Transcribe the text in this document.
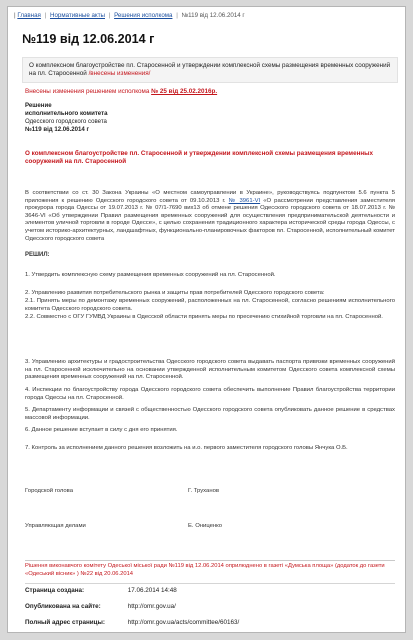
| Главная | Нормативные акты | Решения исполкома | №119 від 12.06.2014 г
№119 від 12.06.2014 г
О комплексном благоустройстве пл. Старосенной и утверждении комплексной схемы размещения временных сооружений на пл. Старосенной /внесены изменения/
Внесены изменения решением исполкома № 25 від 25.02.2016р.
Решение
исполнительного комитета
Одесского городского совета
№119 від 12.06.2014 г
О комплексном благоустройстве пл. Старосенной и утверждении комплексной схемы размещения временных сооружений на пл. Старосенной
В соответствии со ст. 30 Закона Украины «О местном самоуправлении в Украине», руководствуясь подпунктом 5.6 пункта 5 приложения к решению Одесского городского совета от 09.10.2013 г. № 3961-VI «О рассмотрении представления заместителя прокурора города Одессы от 19.07.2013 г. № 07/1-7690 вих13 об отмене решения Одесского городского совета от 18.07.2013 г. № 3646-VI «Об утверждении Правил размещения временных сооружений для осуществления предпринимательской деятельности и элементов уличной торговли в городе Одессе», с целью сохранения традиционного характера исторической среды города Одессы, с учетом историко-архитектурных, ландшафтных, функционально-планировочных факторов пл. Старосенной, исполнительный комитет Одесского городского совета
РЕШИЛ:
1. Утвердить комплексную схему размещения временных сооружений на пл. Старосенной.
2. Управлению развития потребительского рынка и защиты прав потребителей Одесского городского совета:
2.1. Принять меры по демонтажу временных сооружений, расположенных на пл. Старосенной, согласно решениям исполнительного комитета Одесского городского совета.
2.2. Совместно с ОГУ ГУМВД Украины в Одесской области принять меры по пресечению стихийной торговли на пл. Старосенной.
3. Управлению архитектуры и градостроительства Одесского городского совета выдавать паспорта привязки временных сооружений на пл. Старосенной исключительно на основании утвержденной исполнительным комитетом Одесского совета комплексной схемы размещения временных сооружений на пл. Старосенной.
4. Инспекции по благоустройству города Одесского городского совета обеспечить выполнение Правил благоустройства территории города Одессы на пл. Старосенной.
5. Департаменту информации и связей с общественностью Одесского городского совета опубликовать данное решение в средствах массовой информации.
6. Данное решение вступает в силу с дня его принятия.
7. Контроль за исполнением данного решения возложить на и.о. первого заместителя городского головы Янчука О.Б.
Городской голова	Г. Труханов
Управляющая делами	Е. Ониценко
Рішення виконавчого комітету Одеської міської ради №119 від 12.06.2014 оприлюднено в газеті «Думська площа» (додаток до газети «Одеський вісник» ) №22 від 20.06.2014
Страница создана:	17.06.2014 14:48
Опубликована на сайте:	http://omr.gov.ua/
Полный адрес страницы:	http://omr.gov.ua/acts/committee/60163/
